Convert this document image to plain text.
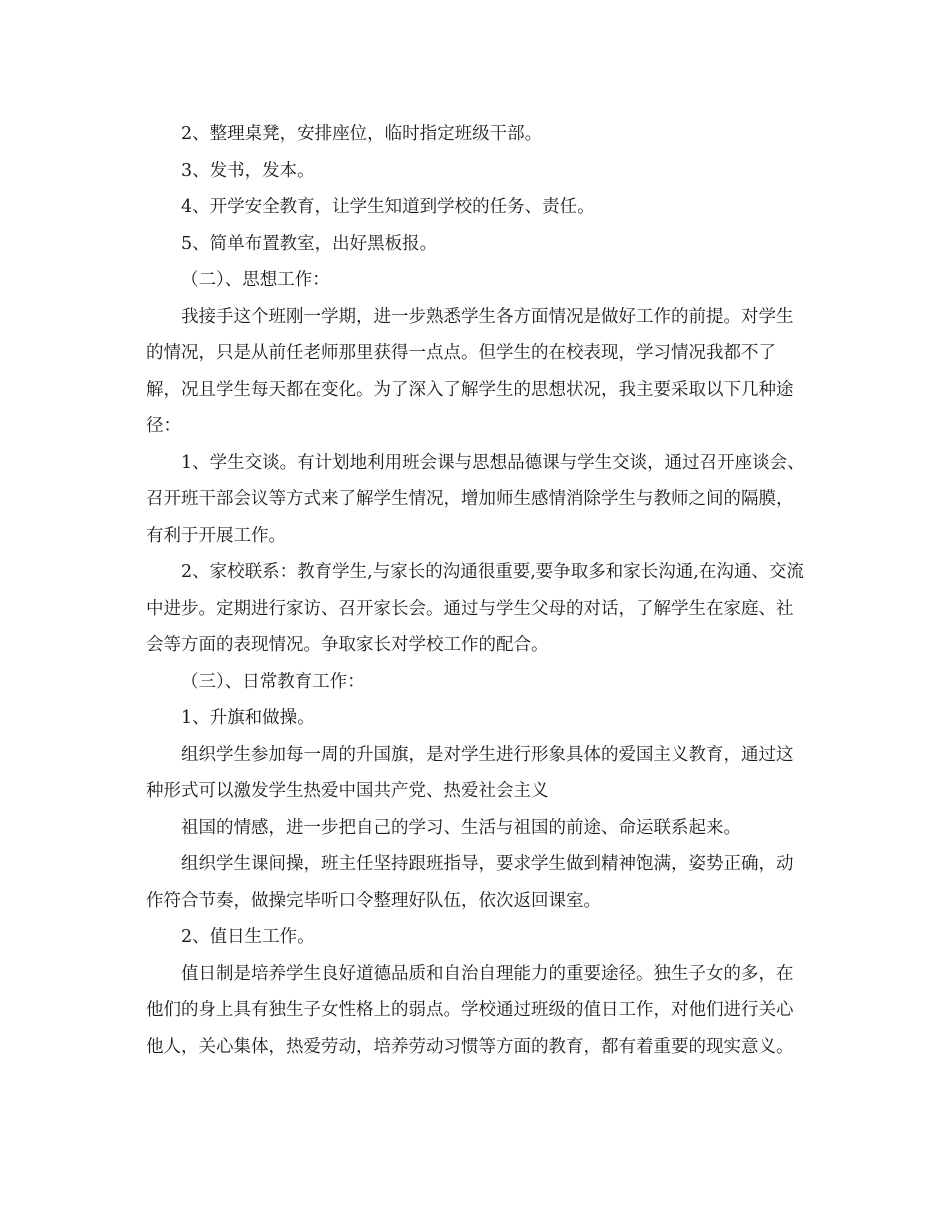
2、整理桌凳，安排座位，临时指定班级干部。

3、发书，发本。

4、开学安全教育，让学生知道到学校的任务、责任。

5、简单布置教室，出好黑板报。

（二）、思想工作：

我接手这个班刚一学期，进一步熟悉学生各方面情况是做好工作的前提。对学生的情况，只是从前任老师那里获得一点点。但学生的在校表现，学习情况我都不了解，况且学生每天都在变化。为了深入了解学生的思想状况，我主要采取以下几种途径：

1、学生交谈。有计划地利用班会课与思想品德课与学生交谈，通过召开座谈会、召开班干部会议等方式来了解学生情况，增加师生感情消除学生与教师之间的隔膜，有利于开展工作。

2、家校联系：教育学生,与家长的沟通很重要,要争取多和家长沟通,在沟通、交流中进步。定期进行家访、召开家长会。通过与学生父母的对话，了解学生在家庭、社会等方面的表现情况。争取家长对学校工作的配合。

（三）、日常教育工作：

1、升旗和做操。

组织学生参加每一周的升国旗，是对学生进行形象具体的爱国主义教育，通过这种形式可以激发学生热爱中国共产党、热爱社会主义

祖国的情感，进一步把自己的学习、生活与祖国的前途、命运联系起来。

组织学生课间操，班主任坚持跟班指导，要求学生做到精神饱满，姿势正确，动作符合节奏，做操完毕听口令整理好队伍，依次返回课室。

2、值日生工作。

值日制是培养学生良好道德品质和自治自理能力的重要途径。独生子女的多，在他们的身上具有独生子女性格上的弱点。学校通过班级的值日工作，对他们进行关心他人，关心集体，热爱劳动，培养劳动习惯等方面的教育，都有着重要的现实意义。
